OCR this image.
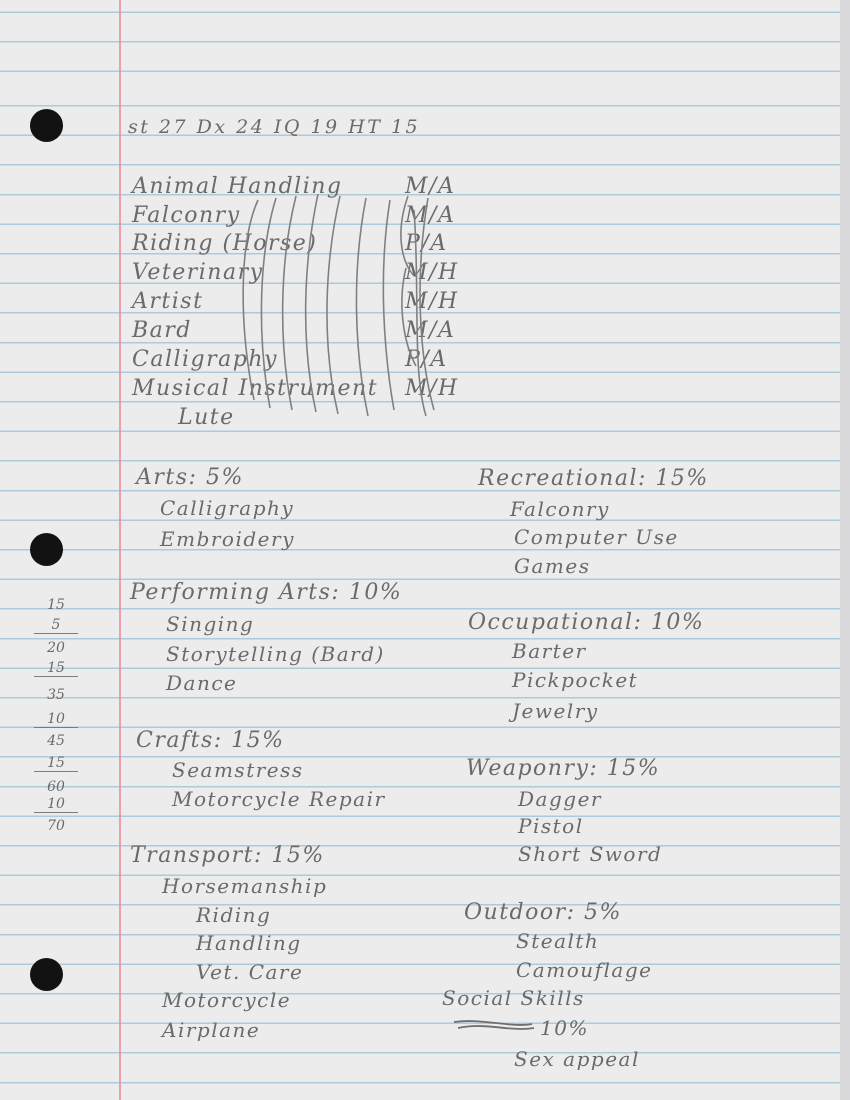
st 27 Dx 24 IQ 19 HT 15
Animal Handling	M/A
Falconry	M/A
Riding (Horse)	P/A
Veterinary	M/H
Artist	M/H
Bard	M/A
Calligraphy	P/A
Musical Instrument M/H
Lute
15
5
20
15
35
10
45
15
60
10
70
Arts: 5%
Calligraphy
Embroidery
Performing Arts: 10%
Singing
Storytelling (Bard)
Dance
Crafts: 15%
Seamstress
Motorcycle Repair
Transport: 15%
Horsemanship
Riding
Handling
Vet. Care
Motorcycle
Airplane
Recreational: 15%
Falconry
Computer Use
Games
Occupational: 10%
Barter
Pickpocket
Jewelry
Weaponry: 15%
Dagger
Pistol
Short Sword
Outdoor: 5%
Stealth
Camouflage
Social Skills
10%
Sex appeal
